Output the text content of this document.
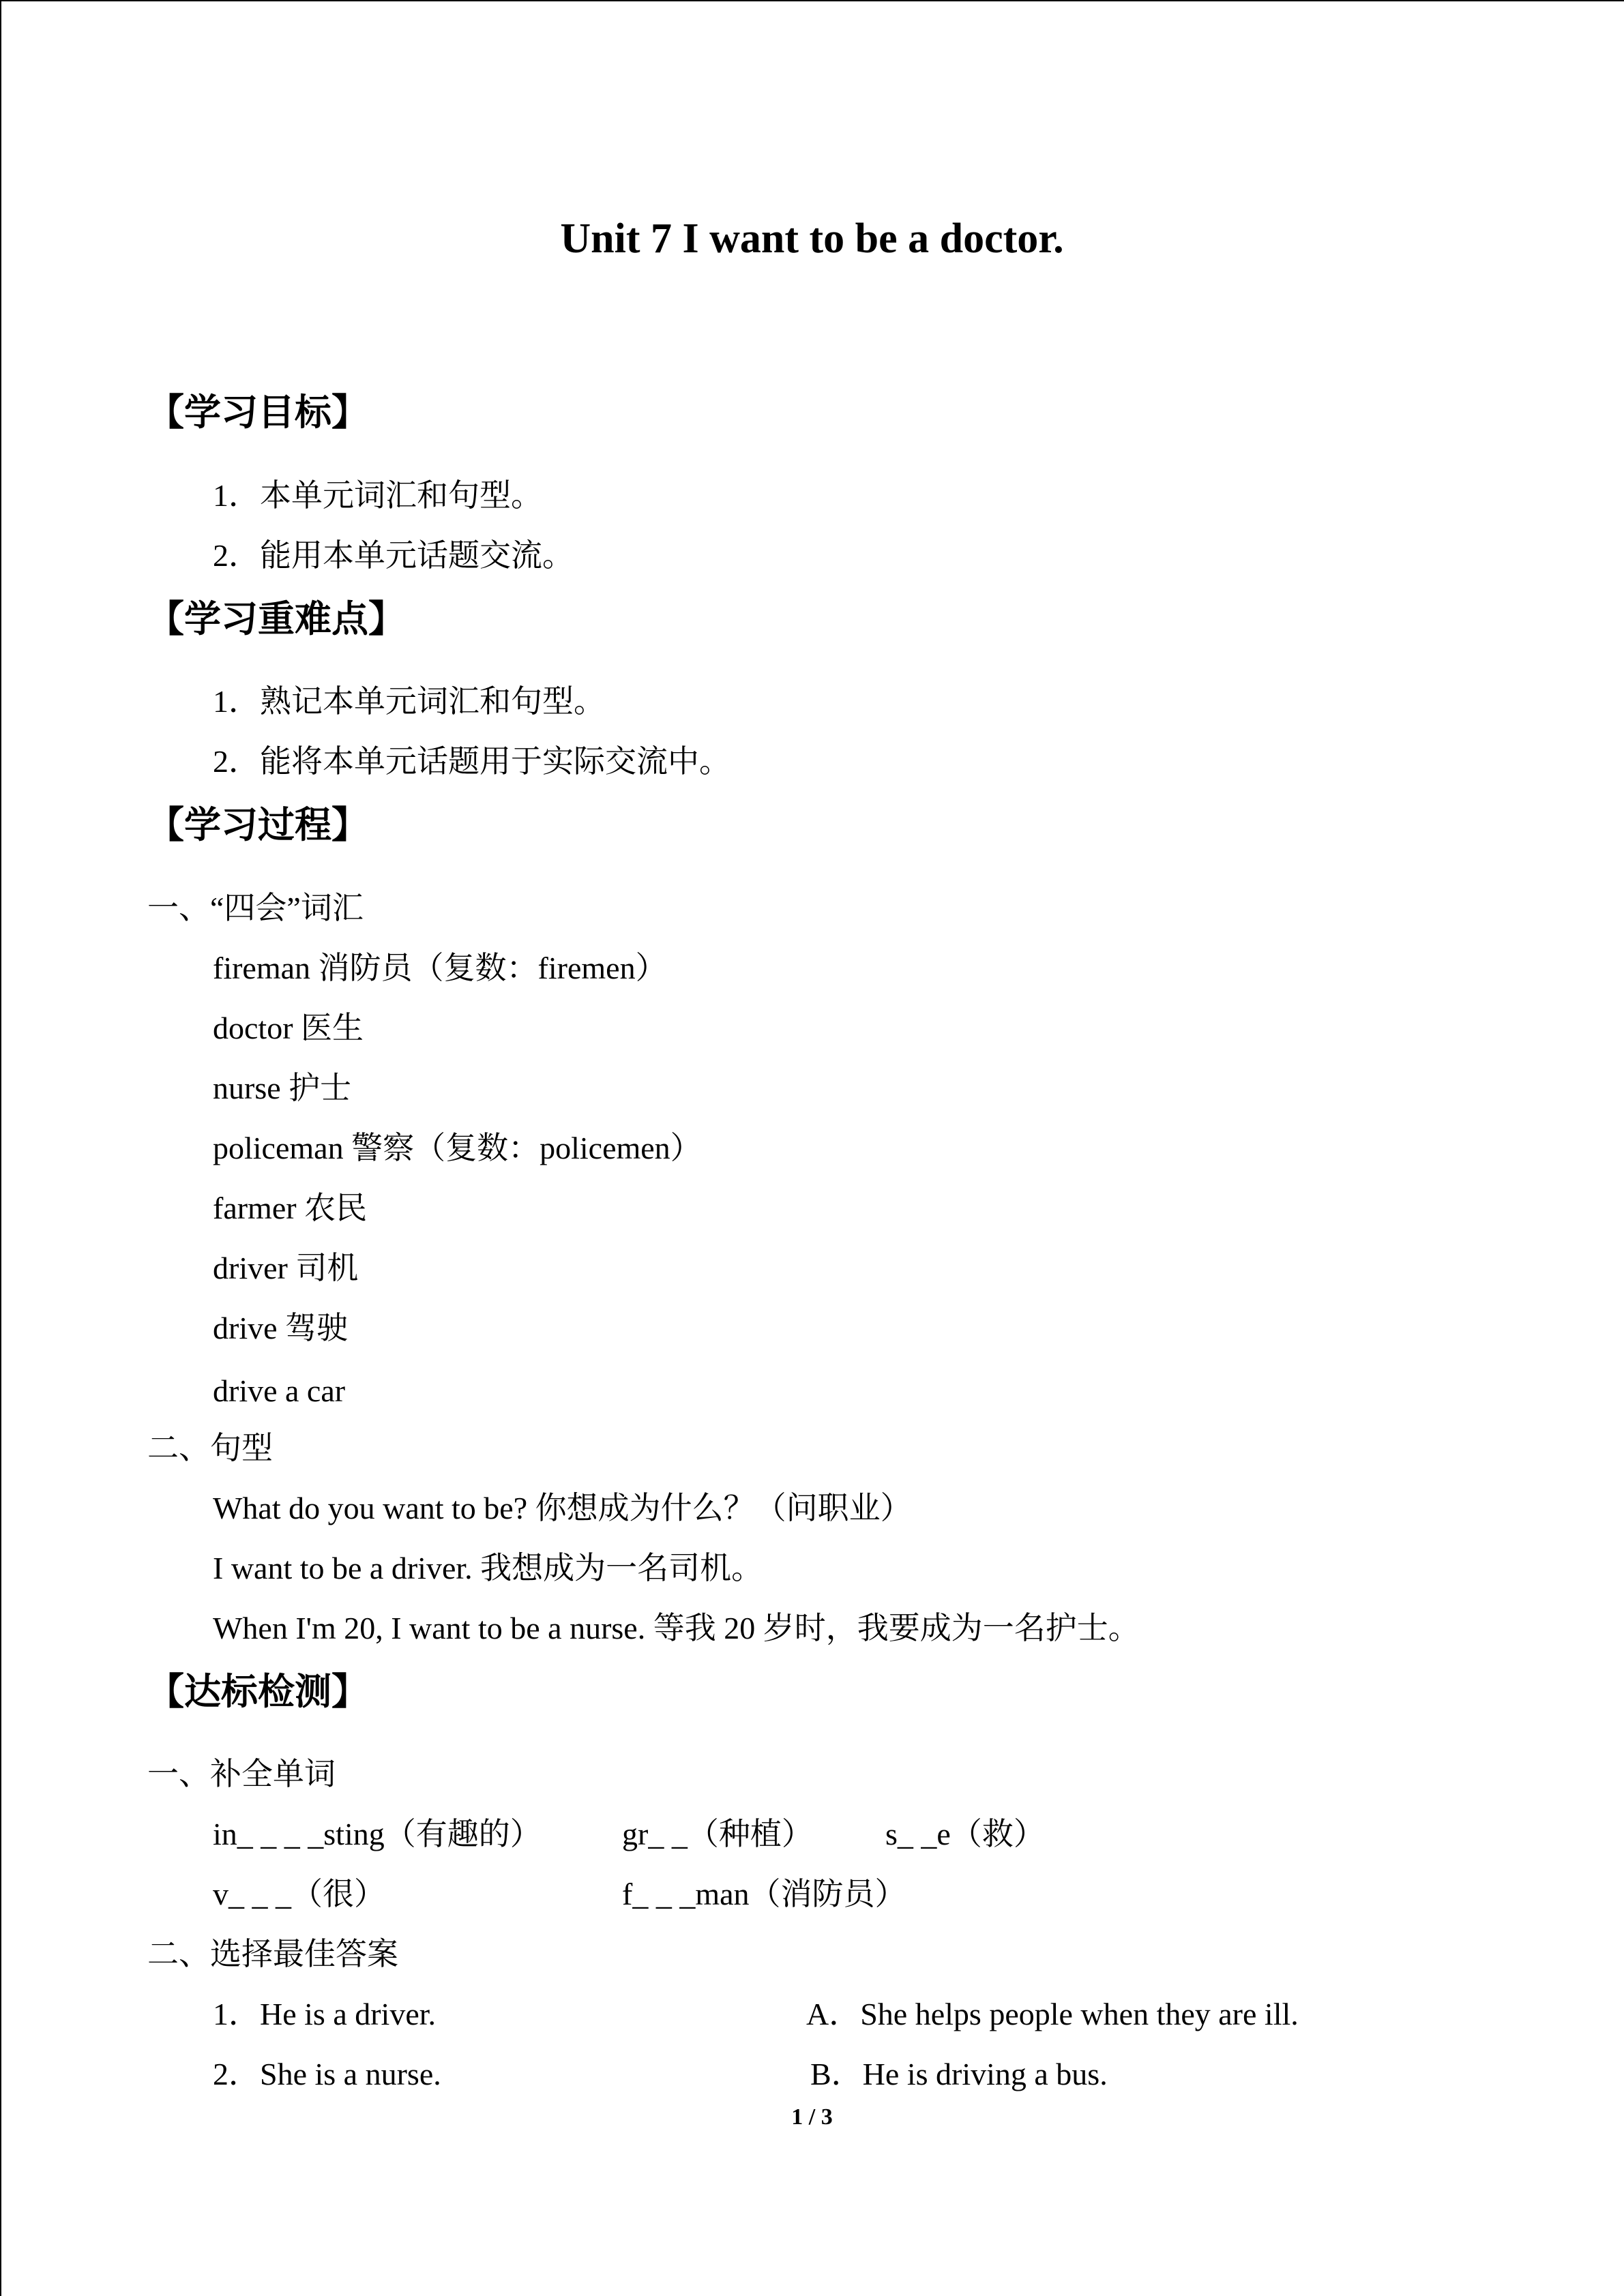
Unit 7 I want to be a doctor.
【学习目标】
1．本单元词汇和句型。
2．能用本单元话题交流。
【学习重难点】
1．熟记本单元词汇和句型。
2．能将本单元话题用于实际交流中。
【学习过程】
一、“四会”词汇
fireman 消防员（复数：firemen）
doctor 医生
nurse 护士
policeman 警察（复数：policemen）
farmer 农民
driver 司机
drive 驾驶
drive a car
二、句型
What do you want to be? 你想成为什么？（问职业）
I want to be a driver. 我想成为一名司机。
When I'm 20, I want to be a nurse. 等我 20 岁时，我要成为一名护士。
【达标检测】
一、补全单词
in_ _ _ _sting（有趣的）	gr_ _（种植） s_ _e（救）
v_ _ _（很）	f_ _ _man（消防员）
二、选择最佳答案
1．He is a driver.	A．She helps people when they are ill.
2．She is a nurse.	B．He is driving a bus.
1 / 3
